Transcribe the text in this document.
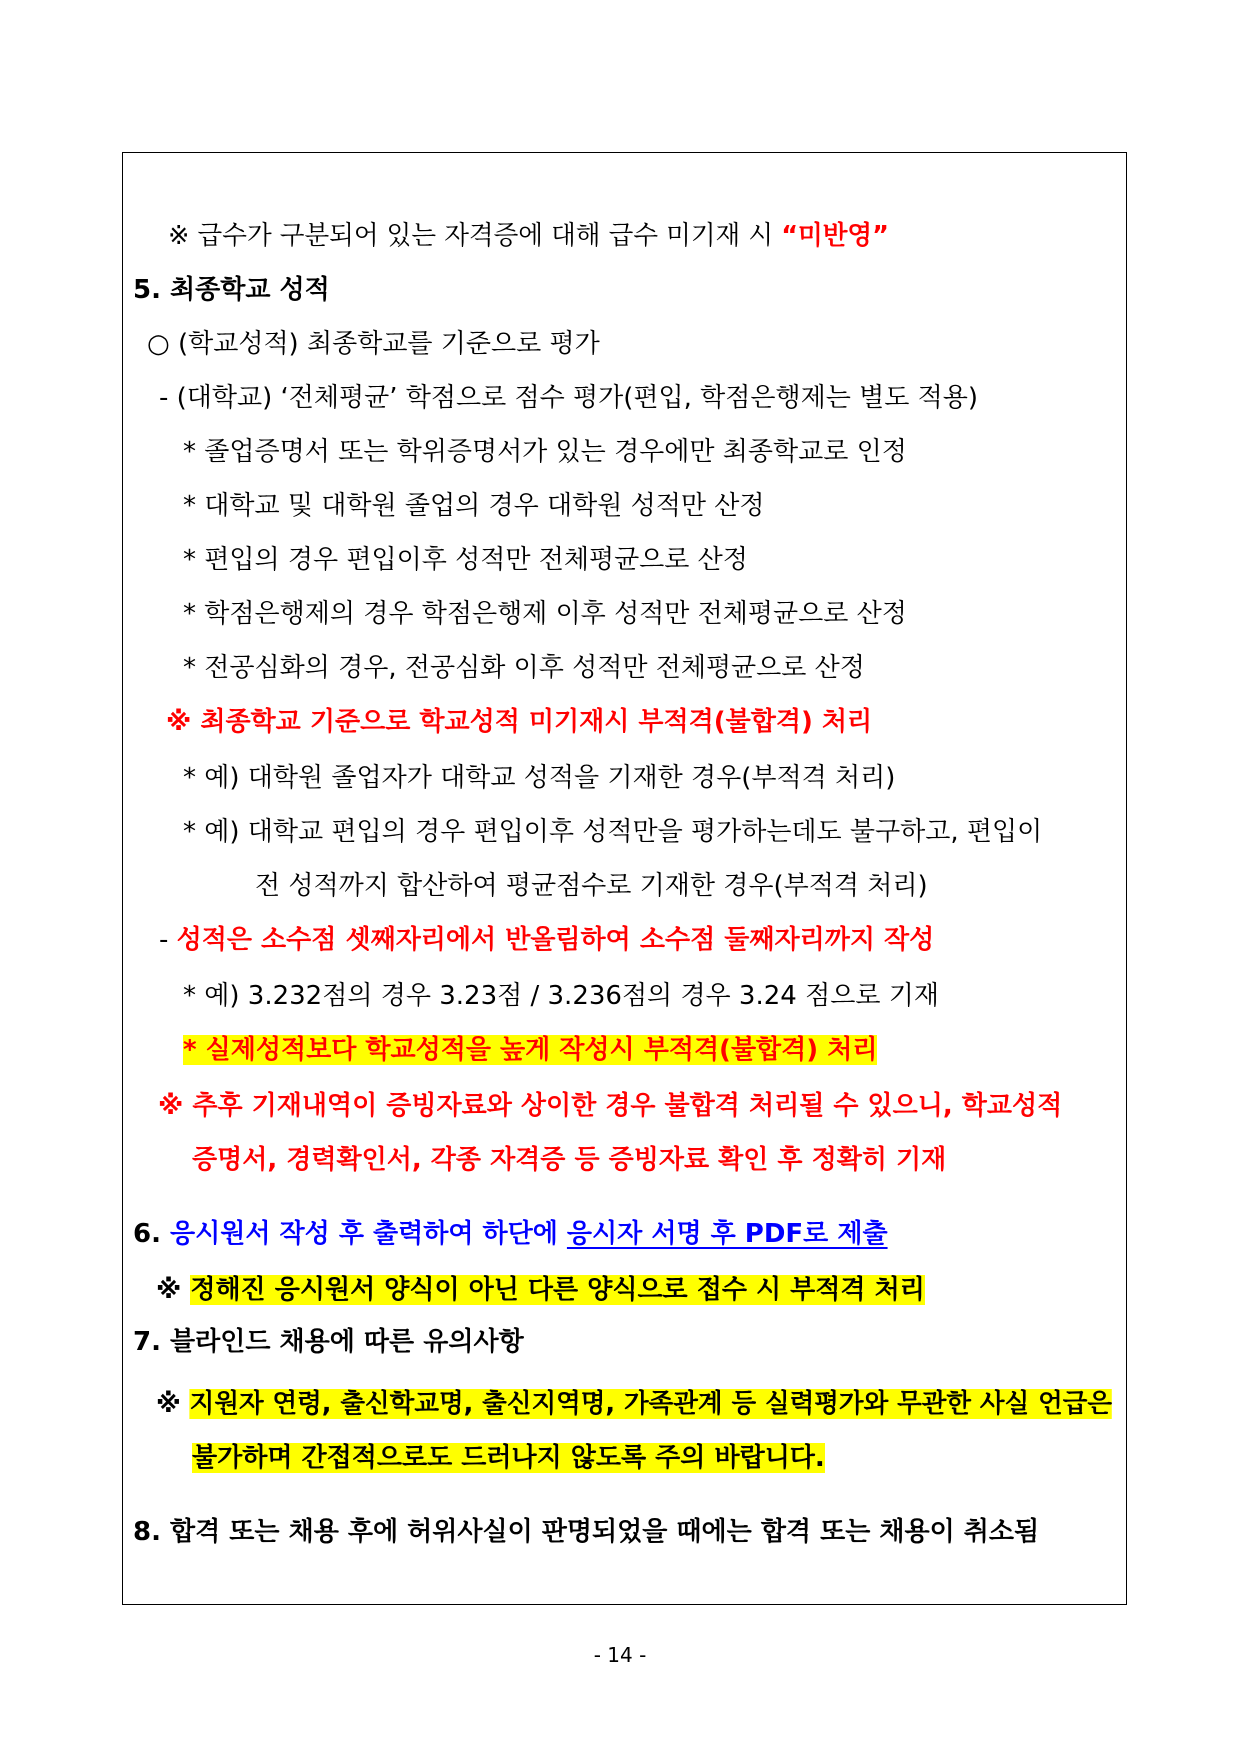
※ 급수가 구분되어 있는 자격증에 대해 급수 미기재 시 “미반영”
5. 최종학교 성적
○ (학교성적) 최종학교를 기준으로 평가
- (대학교) ‘전체평균’ 학점으로 점수 평가(편입, 학점은행제는 별도 적용)
* 졸업증명서 또는 학위증명서가 있는 경우에만 최종학교로 인정
* 대학교 및 대학원 졸업의 경우 대학원 성적만 산정
* 편입의 경우 편입이후 성적만 전체평균으로 산정
* 학점은행제의 경우 학점은행제 이후 성적만 전체평균으로 산정
* 전공심화의 경우, 전공심화 이후 성적만 전체평균으로 산정
※ 최종학교 기준으로 학교성적 미기재시 부적격(불합격) 처리
* 예) 대학원 졸업자가 대학교 성적을 기재한 경우(부적격 처리)
* 예) 대학교 편입의 경우 편입이후 성적만을 평가하는데도 불구하고, 편입이
전 성적까지 합산하여 평균점수로 기재한 경우(부적격 처리)
- 성적은 소수점 셋째자리에서 반올림하여 소수점 둘째자리까지 작성
* 예) 3.232점의 경우 3.23점 / 3.236점의 경우 3.24 점으로 기재
* 실제성적보다 학교성적을 높게 작성시 부적격(불합격) 처리
※ 추후 기재내역이 증빙자료와 상이한 경우 불합격 처리될 수 있으니, 학교성적
증명서, 경력확인서, 각종 자격증 등 증빙자료 확인 후 정확히 기재
6. 응시원서 작성 후 출력하여 하단에 응시자 서명 후 PDF로 제출
※ 정해진 응시원서 양식이 아닌 다른 양식으로 접수 시 부적격 처리
7. 블라인드 채용에 따른 유의사항
※ 지원자 연령, 출신학교명, 출신지역명, 가족관계 등 실력평가와 무관한 사실 언급은
불가하며 간접적으로도 드러나지 않도록 주의 바랍니다.
8. 합격 또는 채용 후에 허위사실이 판명되었을 때에는 합격 또는 채용이 취소됨
- 14 -
